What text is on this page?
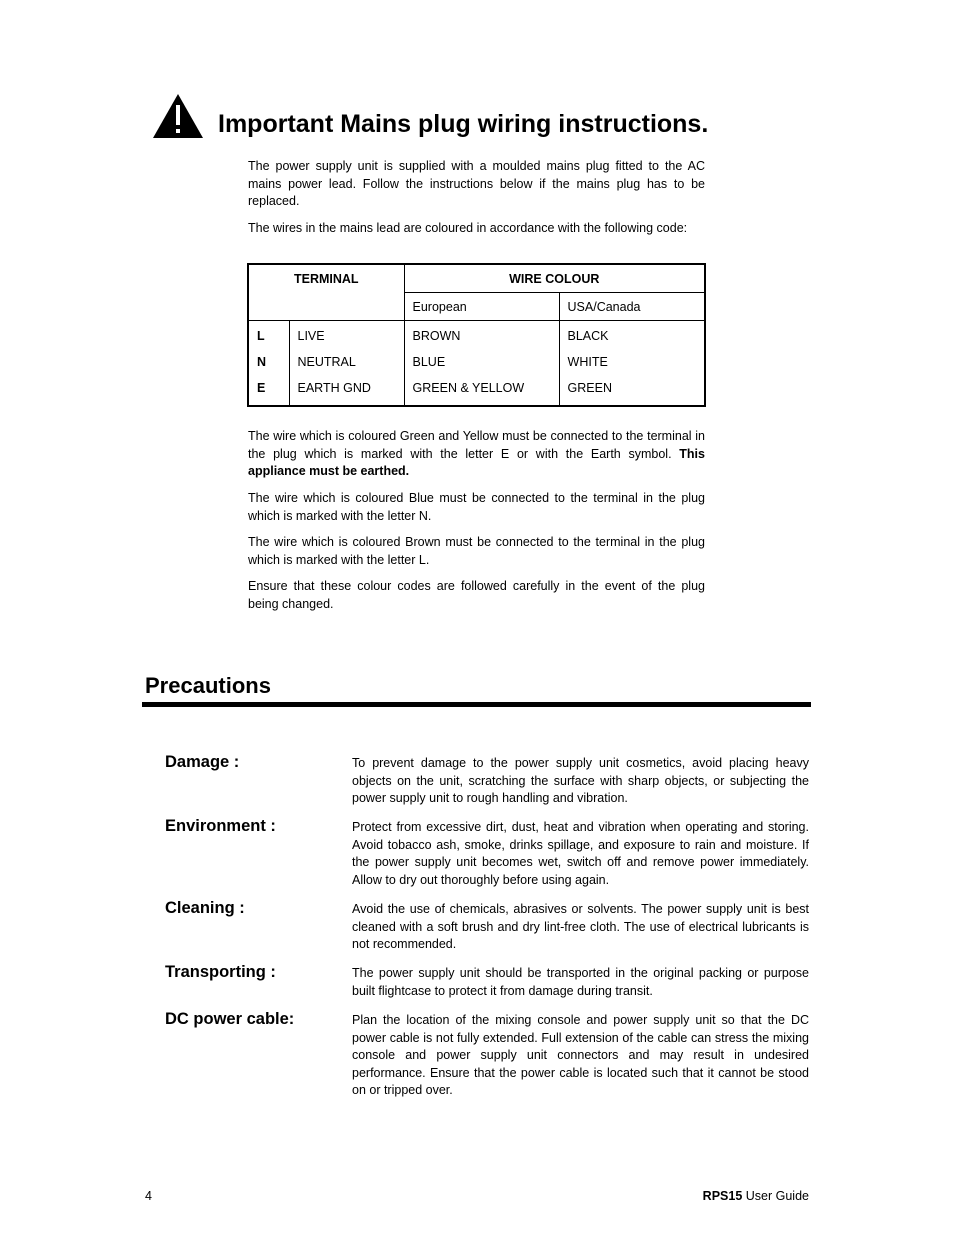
Important Mains plug wiring instructions.

The power supply unit is supplied with a moulded mains plug fitted to the AC mains power lead. Follow the instructions below if the mains plug has to be replaced.

The wires in the mains lead are coloured in accordance with the following code:

TERMINAL		WIRE COLOUR	
		European	USA/Canada
L	LIVE	BROWN	BLACK
N	NEUTRAL	BLUE	WHITE
E	EARTH GND	GREEN & YELLOW	GREEN

The wire which is coloured Green and Yellow must be connected to the terminal in the plug which is marked with the letter E or with the Earth symbol. This appliance must be earthed.

The wire which is coloured Blue must be connected to the terminal in the plug which is marked with the letter N.

The wire which is coloured Brown must be connected to the terminal in the plug which is marked with the letter L.

Ensure that these colour codes are followed carefully in the event of the plug being changed.

Precautions
Damage :	To prevent damage to the power supply unit cosmetics, avoid placing heavy objects on the unit, scratching the surface with sharp objects, or subjecting the power supply unit to rough handling and vibration.

Environment :	Protect from excessive dirt, dust, heat and vibration when operating and storing. Avoid tobacco ash, smoke, drinks spillage, and exposure to rain and moisture. If the power supply unit becomes wet, switch off and remove power immediately. Allow to dry out thoroughly before using again.

Cleaning :	Avoid the use of chemicals, abrasives or solvents. The power supply unit is best cleaned with a soft brush and dry lint-free cloth. The use of electrical lubricants is not recommended.

Transporting :	The power supply unit should be transported in the original packing or purpose built flightcase to protect it from damage during transit.

DC power cable:	Plan the location of the mixing console and power supply unit so that the DC power cable is not fully extended. Full extension of the cable can stress the mixing console and power supply unit connectors and may result in undesired performance. Ensure that the power cable is located such that it cannot be stood on or tripped over.

4	RPS15 User Guide
